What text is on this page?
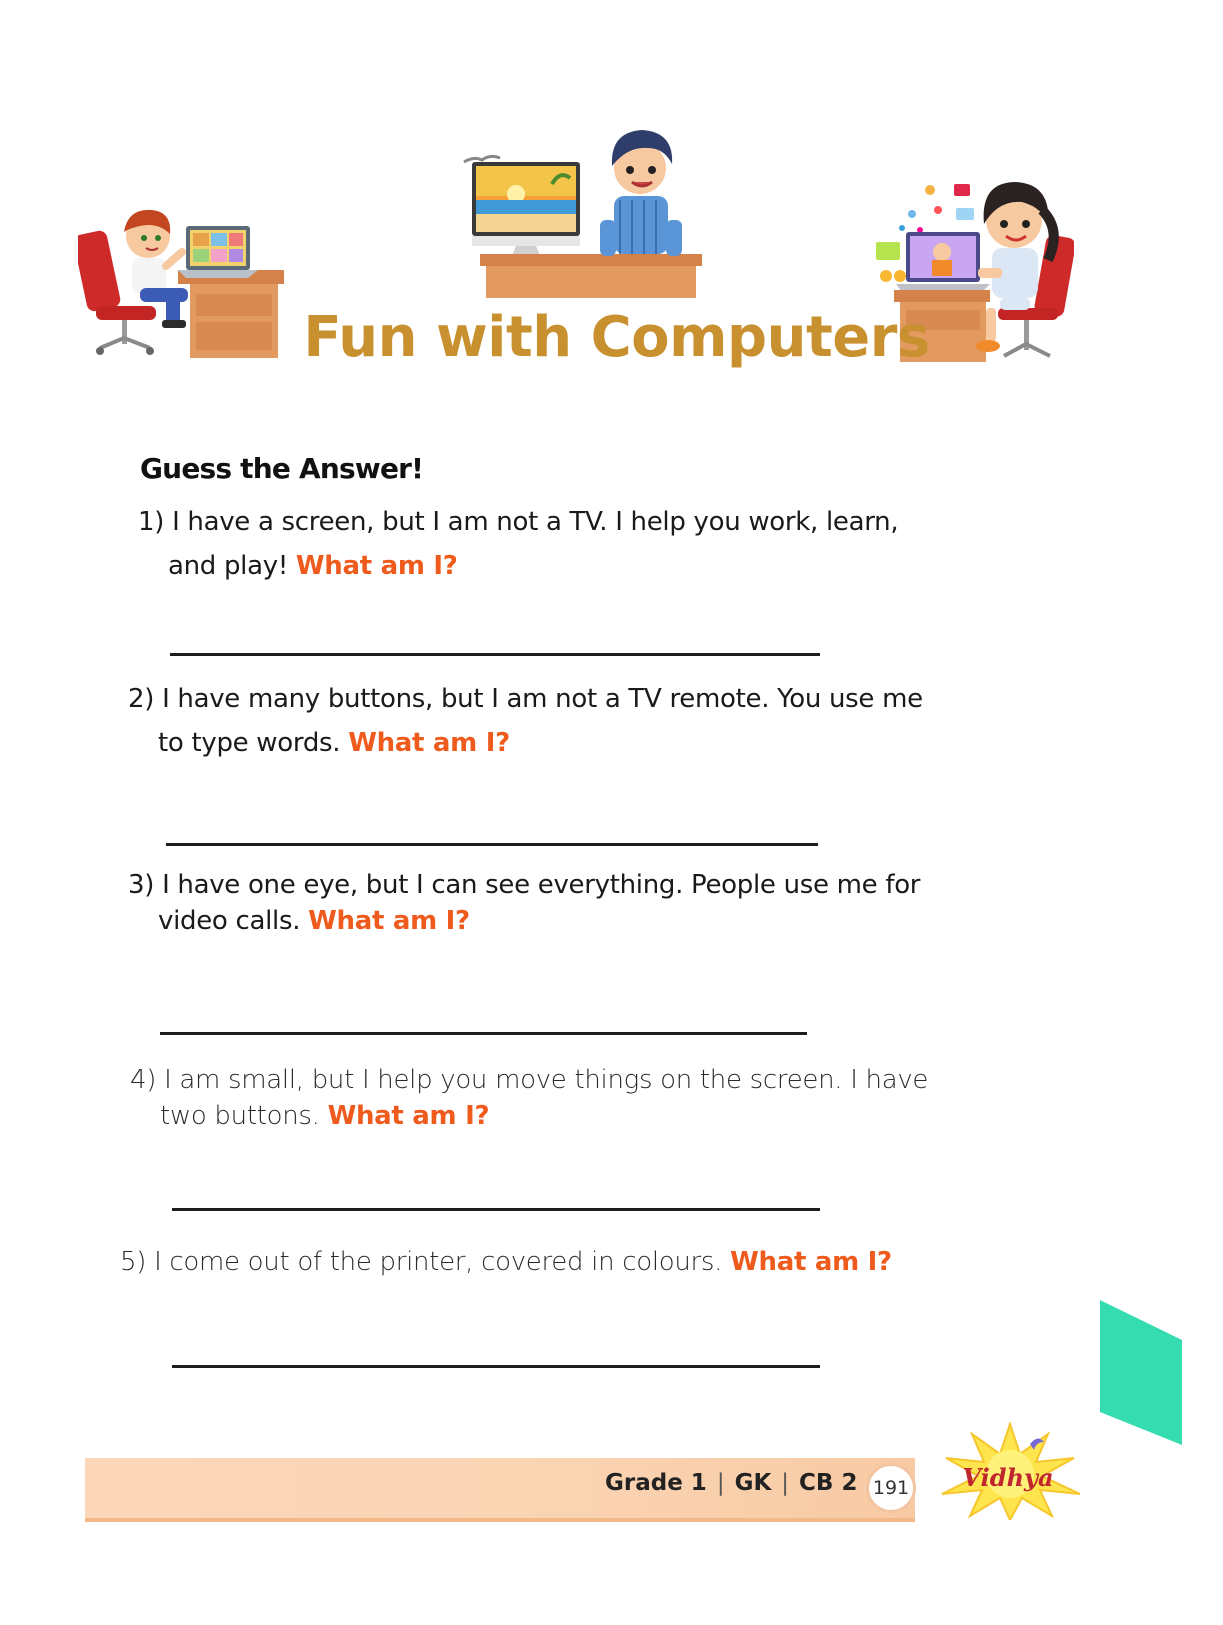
Fun with Computers
Guess the Answer!
1) I have a screen, but I am not a TV. I help you work, learn,
and play! What am I?
2) I have many buttons, but I am not a TV remote. You use me
to type words. What am I?
3) I have one eye, but I can see everything. People use me for
video calls. What am I?
4) I am small, but I help you move things on the screen. I have
two buttons. What am I?
5) I come out of the printer, covered in colours. What am I?
Grade 1 | GK | CB 2 191 Vidhya
